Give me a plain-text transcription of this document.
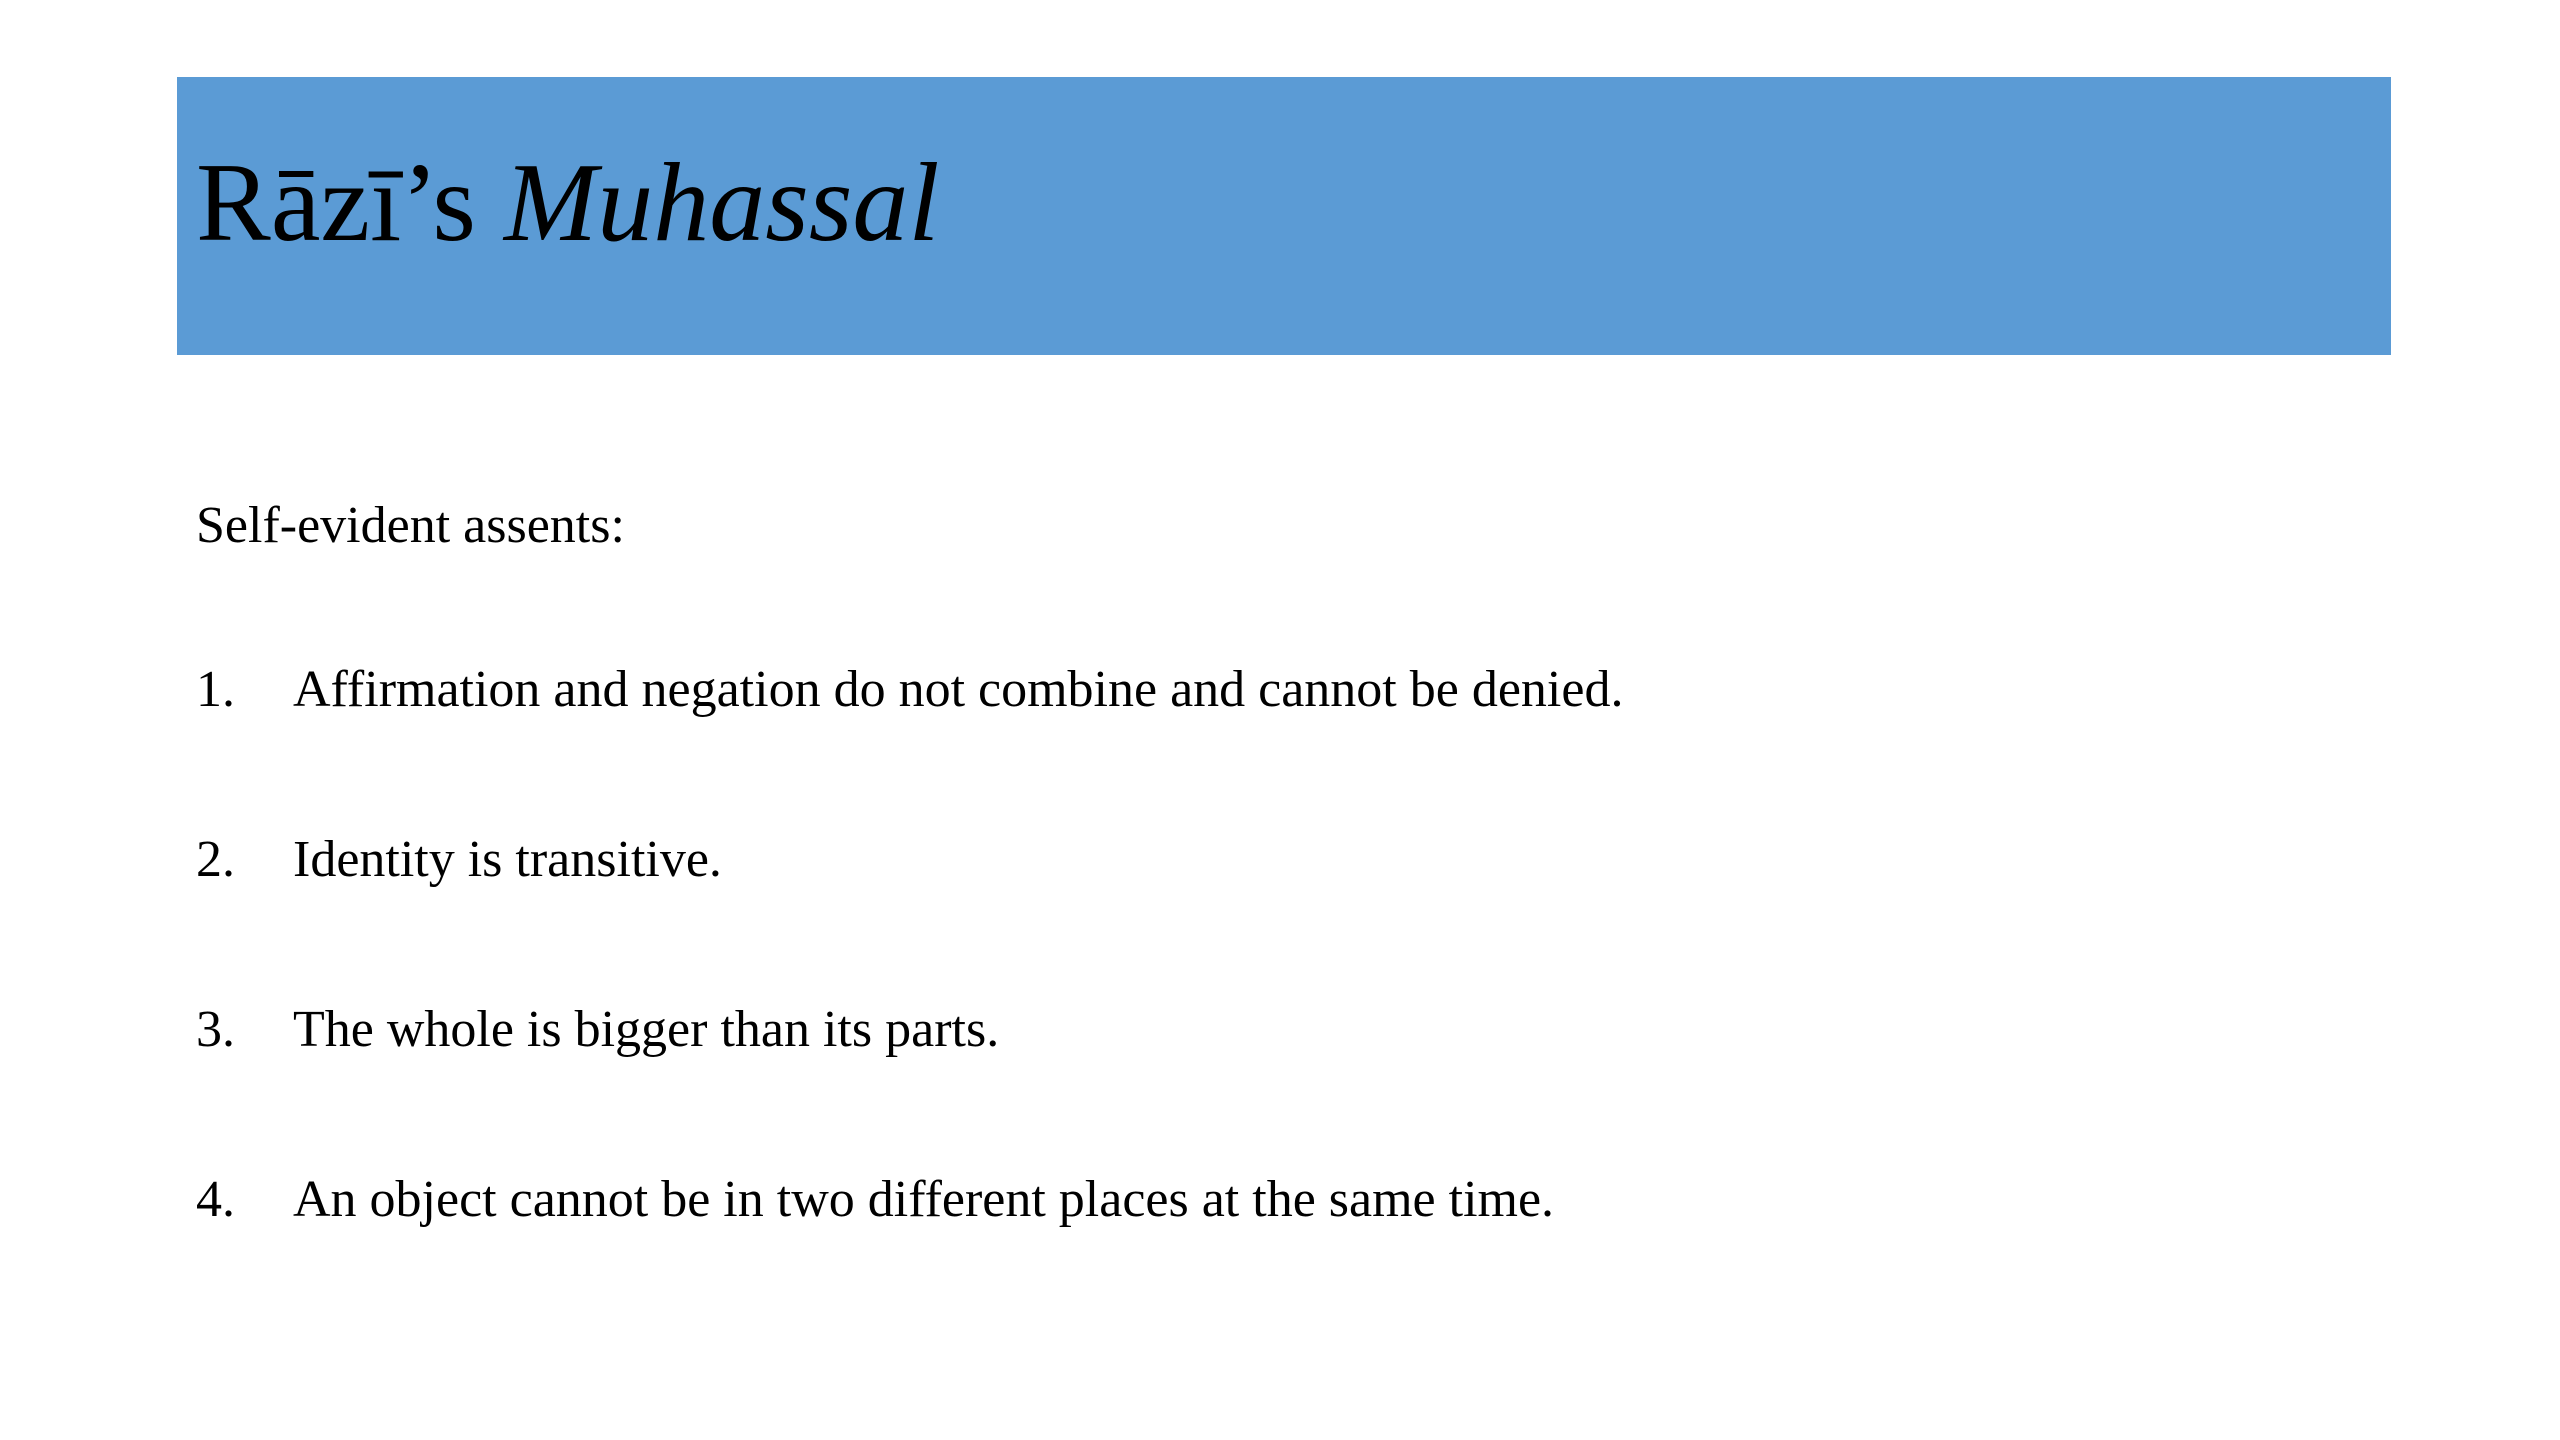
Rāzī’s Muhassal

Self-evident assents:

1.	Affirmation and negation do not combine and cannot be denied.
2.	Identity is transitive.
3.	The whole is bigger than its parts.
4.	An object cannot be in two different places at the same time.
